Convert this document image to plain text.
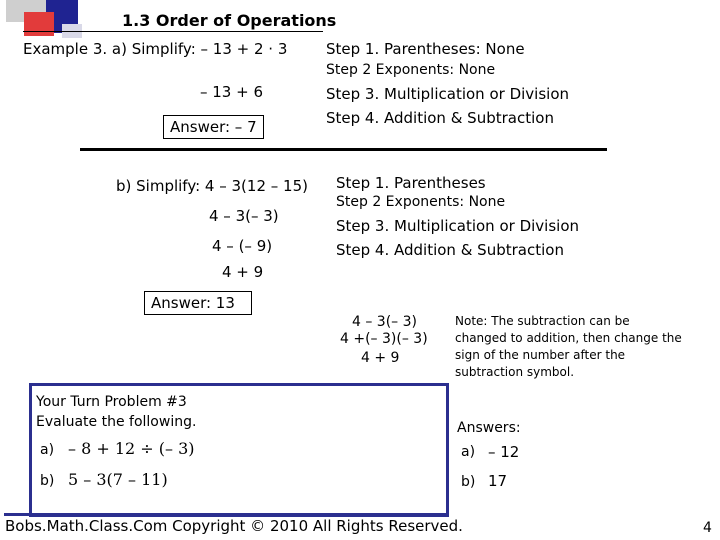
1.3 Order of Operations
Example 3. a) Simplify: – 13 + 2 · 3
– 13 + 6
Answer: – 7
Step 1. Parentheses: None
Step 2 Exponents: None
Step 3. Multiplication or Division
Step 4. Addition & Subtraction
b) Simplify: 4 – 3(12 – 15)
4 – 3(– 3)
4 – (– 9)
4 + 9
Answer: 13
Step 1. Parentheses
Step 2 Exponents: None
Step 3. Multiplication or Division
Step 4. Addition & Subtraction
4 – 3(– 3)
4 +(– 3)(– 3)
4 + 9
Note: The subtraction can be
changed to addition, then change the
sign of the number after the
subtraction symbol.
Your Turn Problem #3
Evaluate the following.
a) – 8 + 12 ÷ (– 3)
b) 5 – 3(7 – 11)
Answers:
a) – 12
b) 17
Bobs.Math.Class.Com Copyright © 2010 All Rights Reserved.	4
